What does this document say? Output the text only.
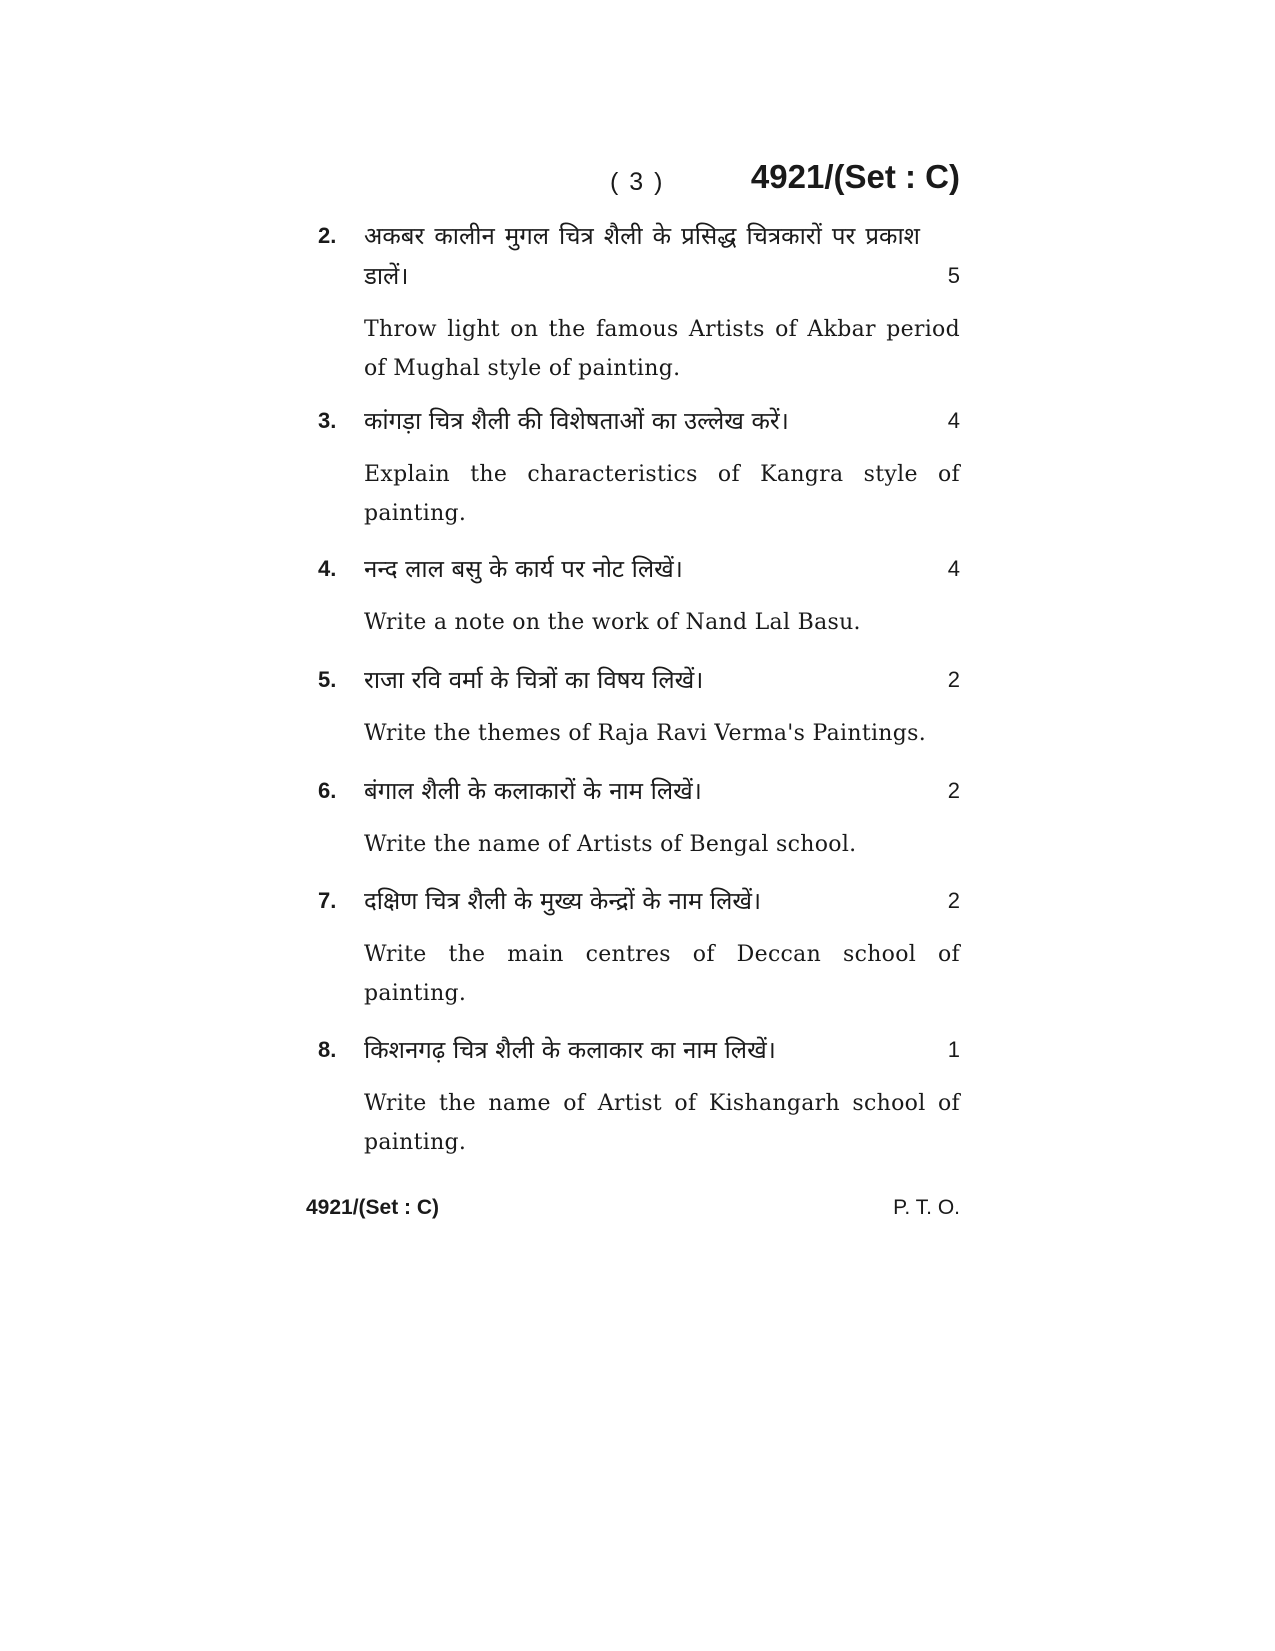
( 3 )	4921/(Set : C)
2. अकबर कालीन मुगल चित्र शैली के प्रसिद्ध चित्रकारों पर प्रकाश डालें।	5
Throw light on the famous Artists of Akbar period of Mughal style of painting.
3. कांगड़ा चित्र शैली की विशेषताओं का उल्लेख करें।	4
Explain the characteristics of Kangra style of painting.
4. नन्द लाल बसु के कार्य पर नोट लिखें।	4
Write a note on the work of Nand Lal Basu.
5. राजा रवि वर्मा के चित्रों का विषय लिखें।	2
Write the themes of Raja Ravi Verma's Paintings.
6. बंगाल शैली के कलाकारों के नाम लिखें।	2
Write the name of Artists of Bengal school.
7. दक्षिण चित्र शैली के मुख्य केन्द्रों के नाम लिखें।	2
Write the main centres of Deccan school of painting.
8. किशनगढ़ चित्र शैली के कलाकार का नाम लिखें।	1
Write the name of Artist of Kishangarh school of painting.
4921/(Set : C)	P. T. O.
